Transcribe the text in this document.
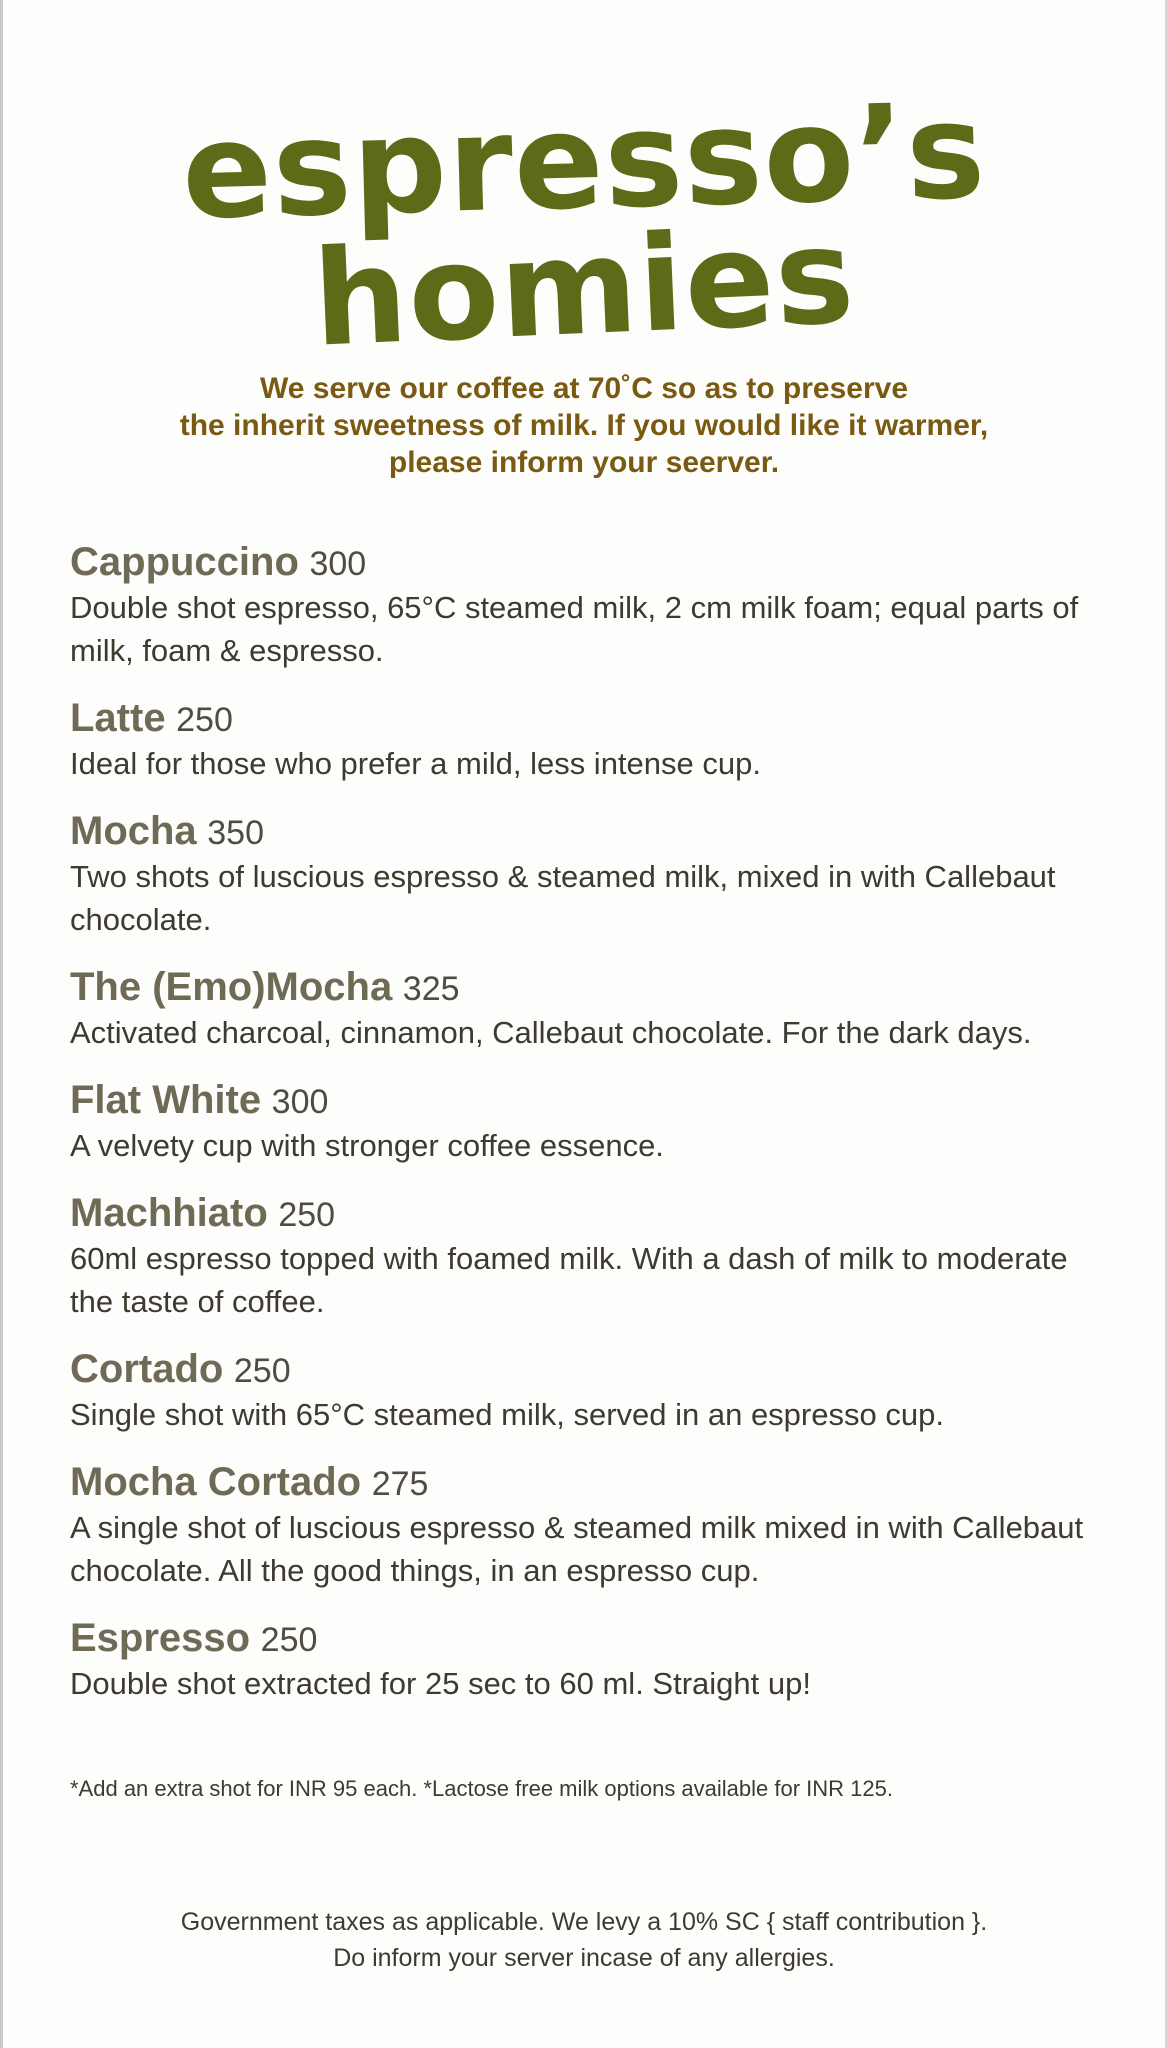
espresso’s
homies
We serve our coffee at 70˚C so as to preserve
the inherit sweetness of milk. If you would like it warmer,
please inform your seerver.
Cappuccino 300
Double shot espresso, 65°C steamed milk, 2 cm milk foam; equal parts of milk, foam & espresso.
Latte 250
Ideal for those who prefer a mild, less intense cup.
Mocha 350
Two shots of luscious espresso & steamed milk, mixed in with Callebaut chocolate.
The (Emo)Mocha 325
Activated charcoal, cinnamon, Callebaut chocolate. For the dark days.
Flat White 300
A velvety cup with stronger coffee essence.
Machhiato 250
60ml espresso topped with foamed milk. With a dash of milk to moderate the taste of coffee.
Cortado 250
Single shot with 65°C steamed milk, served in an espresso cup.
Mocha Cortado 275
A single shot of luscious espresso & steamed milk mixed in with Callebaut chocolate. All the good things, in an espresso cup.
Espresso 250
Double shot extracted for 25 sec to 60 ml. Straight up!
*Add an extra shot for INR 95 each. *Lactose free milk options available for INR 125.
Government taxes as applicable. We levy a 10% SC { staff contribution }.
Do inform your server incase of any allergies.
